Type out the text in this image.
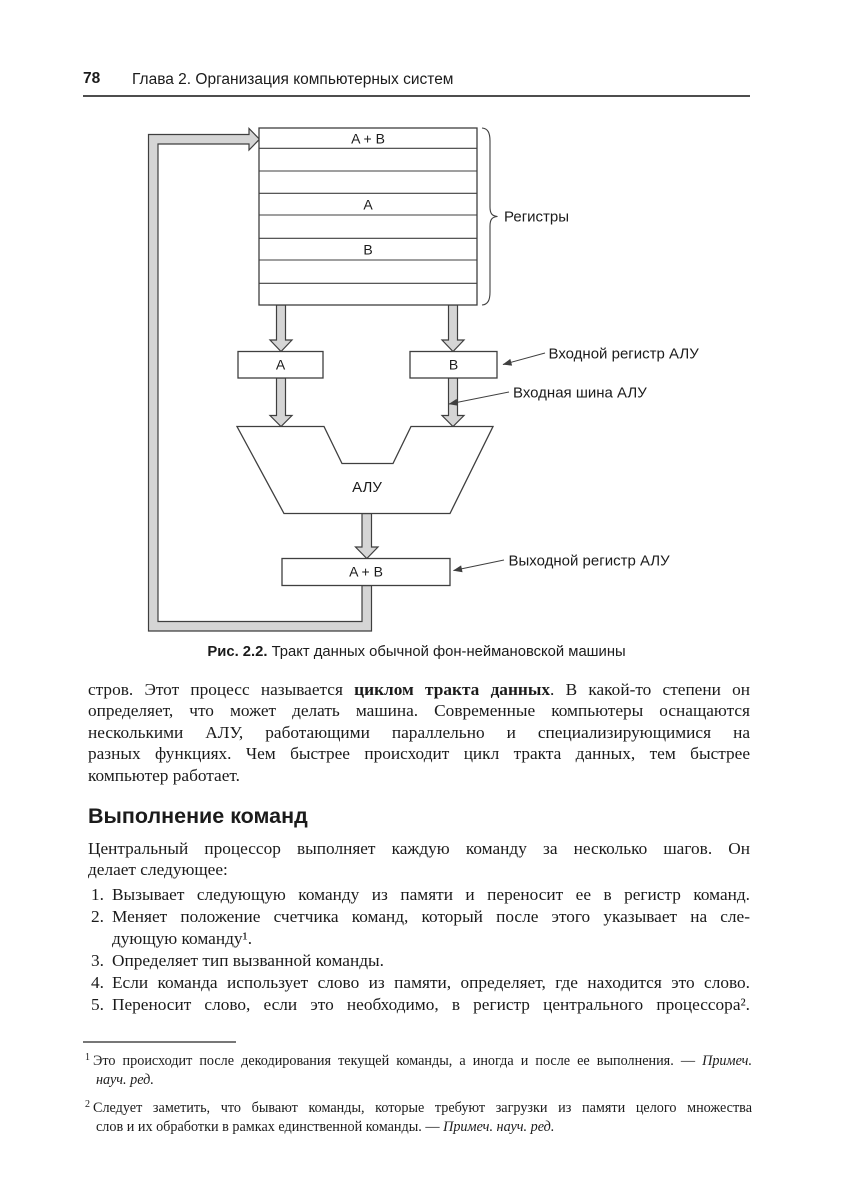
78 Глава 2. Организация компьютерных систем
A + B
A
B
Регистры
A	B
АЛУ
A + B
Входной регистр АЛУ
Входная шина АЛУ
Выходной регистр АЛУ
Рис. 2.2. Тракт данных обычной фон-неймановской машины
стров. Этот процесс называется циклом тракта данных. В какой-то степени он
определяет, что может делать машина. Современные компьютеры оснащаются
несколькими АЛУ, работающими параллельно и специализирующимися на
разных функциях. Чем быстрее происходит цикл тракта данных, тем быстрее
компьютер работает.
Выполнение команд
Центральный процессор выполняет каждую команду за несколько шагов. Он
делает следующее:
1. Вызывает следующую команду из памяти и переносит ее в регистр команд.
2. Меняет положение счетчика команд, который после этого указывает на сле-
дующую команду¹.
3. Определяет тип вызванной команды.
4. Если команда использует слово из памяти, определяет, где находится это слово.
5. Переносит слово, если это необходимо, в регистр центрального процессора².
$^1$ Это происходит после декодирования текущей команды, а иногда и после ее выполнения. — Примеч.
науч. ред.
$^2$ Следует заметить, что бывают команды, которые требуют загрузки из памяти целого множества
слов и их обработки в рамках единственной команды. — Примеч. науч. ред.
